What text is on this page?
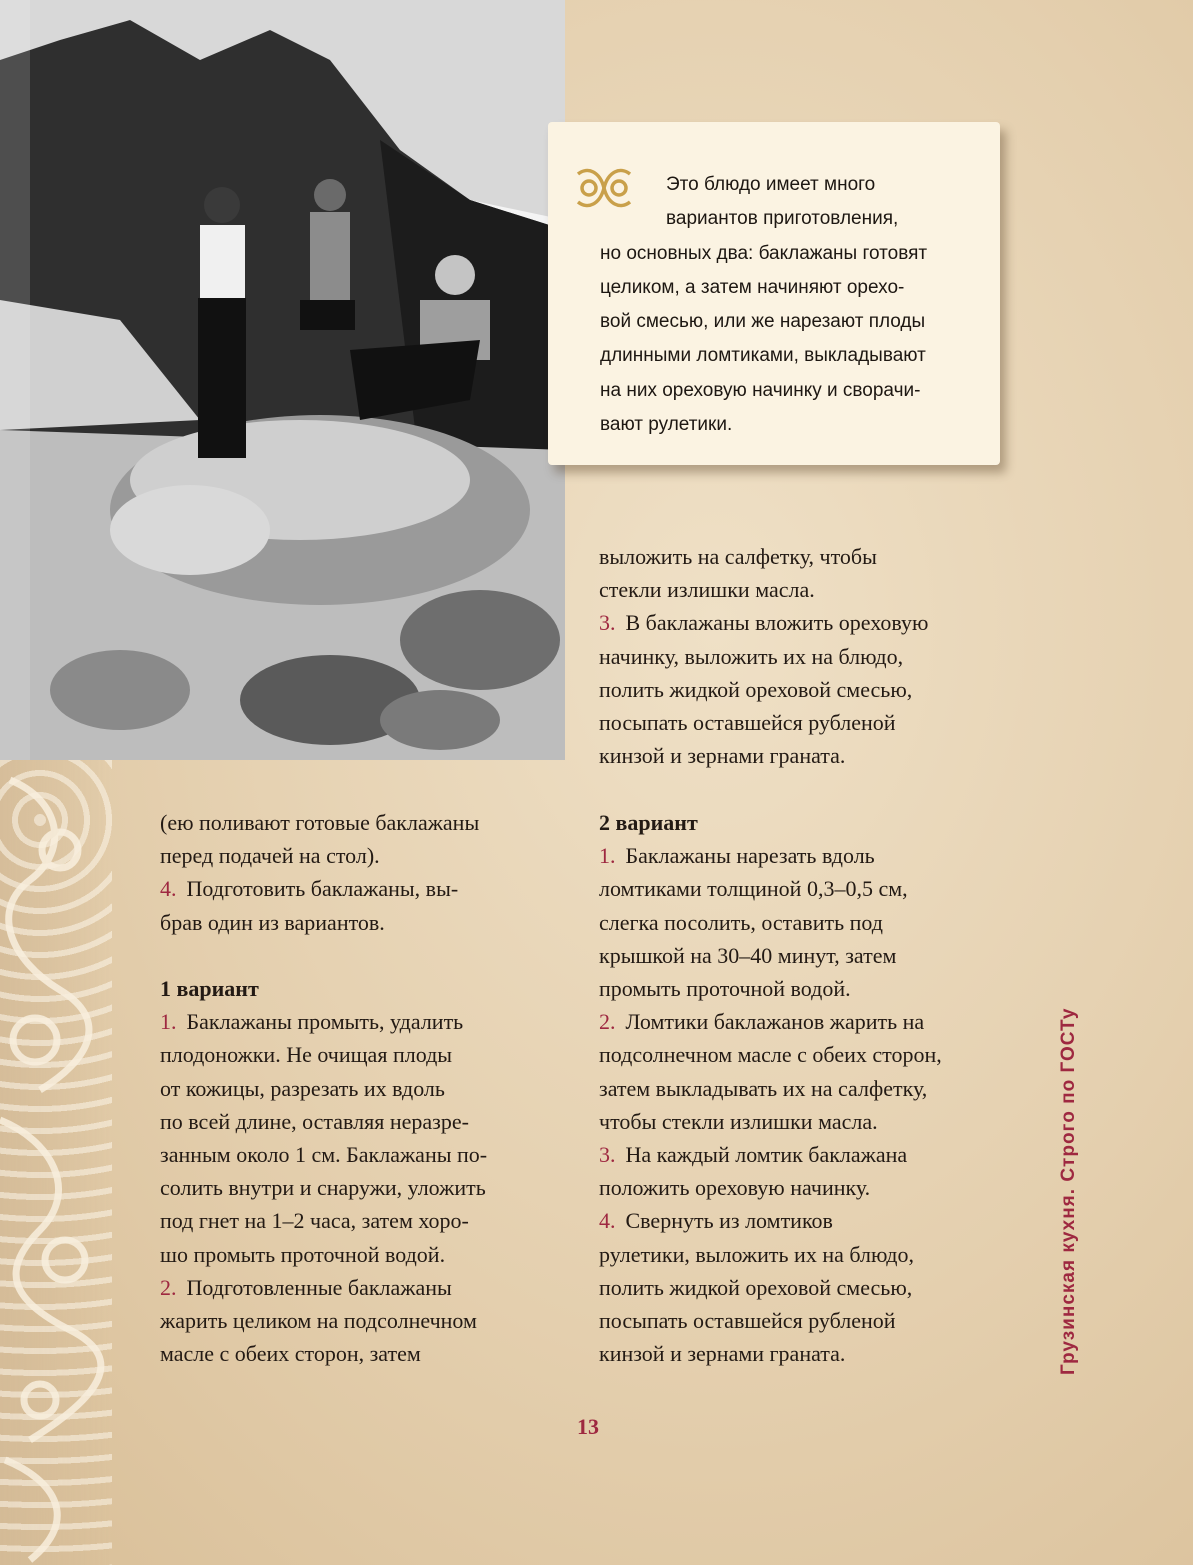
Это блюдо имеет много
вариантов приготовления,
но основных два: баклажаны готовят
целиком, а затем начиняют орехо-
вой смесью, или же нарезают плоды
длинными ломтиками, выкладывают
на них ореховую начинку и сворачи-
вают рулетики.
выложить на салфетку, чтобы
стекли излишки масла.
3. В баклажаны вложить ореховую
начинку, выложить их на блюдо,
полить жидкой ореховой смесью,
посыпать оставшейся рубленой
кинзой и зернами граната.
(ею поливают готовые баклажаны
перед подачей на стол).
4. Подготовить баклажаны, вы-
брав один из вариантов.
1 вариант
1. Баклажаны промыть, удалить
плодоножки. Не очищая плоды
от кожицы, разрезать их вдоль
по всей длине, оставляя неразре-
занным около 1 см. Баклажаны по-
солить внутри и снаружи, уложить
под гнет на 1–2 часа, затем хоро-
шо промыть проточной водой.
2. Подготовленные баклажаны
жарить целиком на подсолнечном
масле с обеих сторон, затем
2 вариант
1. Баклажаны нарезать вдоль
ломтиками толщиной 0,3–0,5 см,
слегка посолить, оставить под
крышкой на 30–40 минут, затем
промыть проточной водой.
2. Ломтики баклажанов жарить на
подсолнечном масле с обеих сторон,
затем выкладывать их на салфетку,
чтобы стекли излишки масла.
3. На каждый ломтик баклажана
положить ореховую начинку.
4. Свернуть из ломтиков
рулетики, выложить их на блюдо,
полить жидкой ореховой смесью,
посыпать оставшейся рубленой
кинзой и зернами граната.
13
Грузинская кухня. Строго по ГОСТу
